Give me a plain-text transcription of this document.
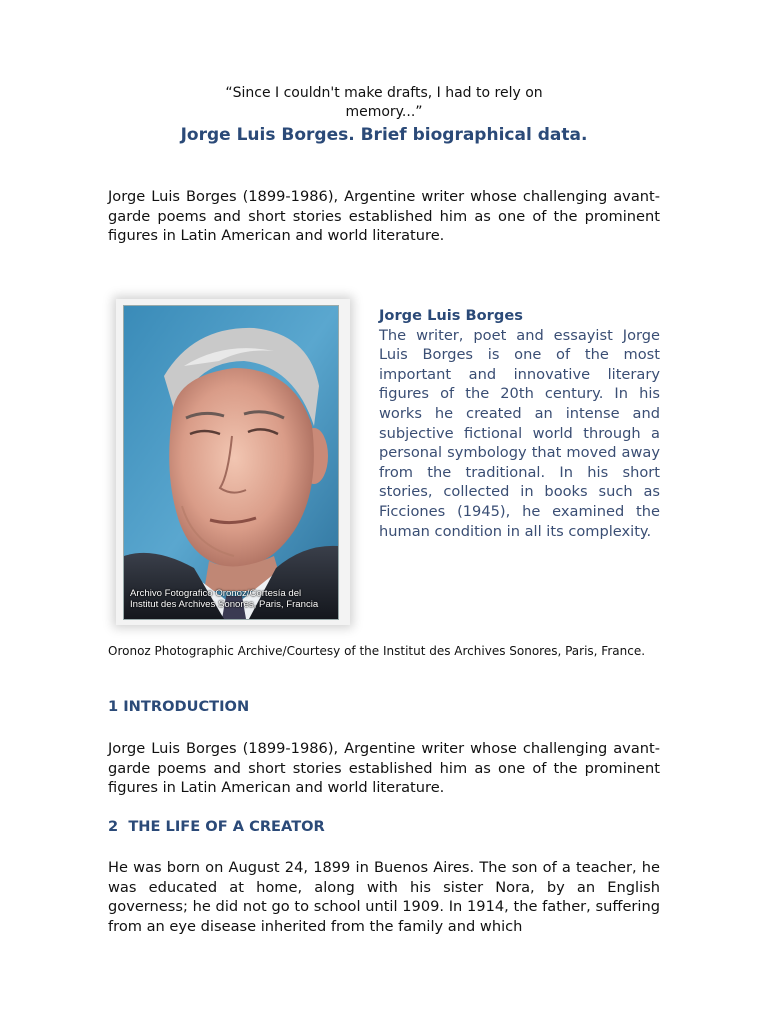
“Since I couldn't make drafts, I had to rely on memory...”
Jorge Luis Borges. Brief biographical data.
Jorge Luis Borges (1899-1986), Argentine writer whose challenging avant-garde poems and short stories established him as one of the prominent figures in Latin American and world literature.
Archivo Fotografico Oronoz/Cortesía del Institut des Archives Sonores, Paris, Francia
Jorge Luis Borges
The writer, poet and essayist Jorge Luis Borges is one of the most important and innovative literary figures of the 20th century. In his works he created an intense and subjective fictional world through a personal symbology that moved away from the traditional. In his short stories, collected in books such as Ficciones (1945), he examined the human condition in all its complexity.
Oronoz Photographic Archive/Courtesy of the Institut des Archives Sonores, Paris, France.
1 INTRODUCTION
Jorge Luis Borges (1899-1986), Argentine writer whose challenging avant-garde poems and short stories established him as one of the prominent figures in Latin American and world literature.
2  THE LIFE OF A CREATOR
He was born on August 24, 1899 in Buenos Aires. The son of a teacher, he was educated at home, along with his sister Nora, by an English governess; he did not go to school until 1909. In 1914, the father, suffering from an eye disease inherited from the family and which
